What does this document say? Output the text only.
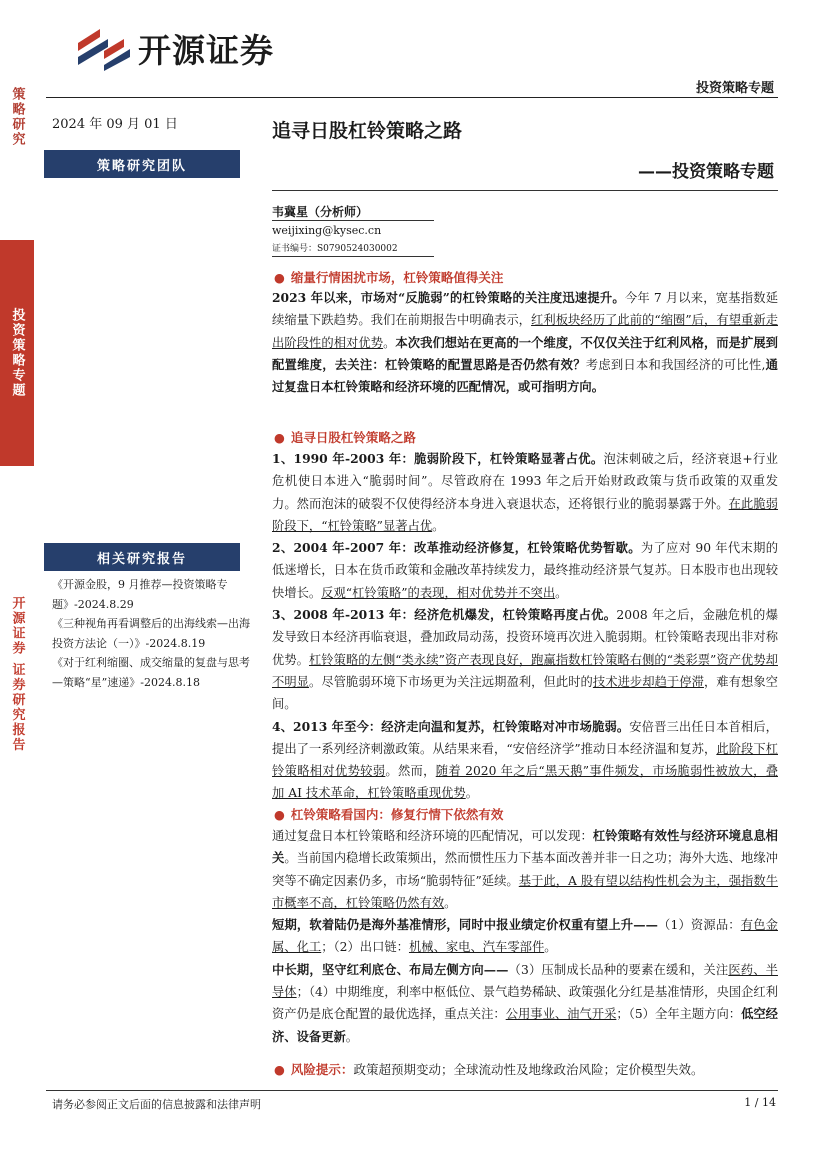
开源证券
投资策略专题
策略研究
投资策略专题
开源证券 证券研究报告
2024 年 09 月 01 日	追寻日股杠铃策略之路
——投资策略专题
策略研究团队
韦冀星（分析师）
weijixing@kysec.cn
证书编号：S0790524030002
相关研究报告

《开源金股，9 月推荐—投资策略专题》-2024.8.29

《三种视角再看调整后的出海线索—出海投资方法论（一）》-2024.8.19

《对于红利缩圈、成交缩量的复盘与思考—策略“星”速递》-2024.8.18

● 缩量行情困扰市场，杠铃策略值得关注
2023 年以来，市场对“反脆弱”的杠铃策略的关注度迅速提升。今年 7 月以来，宽基指数延续缩量下跌趋势。我们在前期报告中明确表示，红利板块经历了此前的“缩圈”后，有望重新走出阶段性的相对优势。本次我们想站在更高的一个维度，不仅仅关注于红利风格，而是扩展到配置维度，去关注：杠铃策略的配置思路是否仍然有效？考虑到日本和我国经济的可比性,通过复盘日本杠铃策略和经济环境的匹配情况，或可指明方向。
● 追寻日股杠铃策略之路

1、1990 年-2003 年：脆弱阶段下，杠铃策略显著占优。泡沫刺破之后，经济衰退+行业危机使日本进入“脆弱时间”。尽管政府在 1993 年之后开始财政政策与货币政策的双重发力。然而泡沫的破裂不仅使得经济本身进入衰退状态，还将银行业的脆弱暴露于外。在此脆弱阶段下，“杠铃策略”显著占优。

2、2004 年-2007 年：改革推动经济修复，杠铃策略优势暂歇。为了应对 90 年代末期的低迷增长，日本在货币政策和金融改革持续发力，最终推动经济景气复苏。日本股市也出现较快增长。反观“杠铃策略”的表现，相对优势并不突出。

3、2008 年-2013 年：经济危机爆发，杠铃策略再度占优。2008 年之后，金融危机的爆发导致日本经济再临衰退，叠加政局动荡，投资环境再次进入脆弱期。杠铃策略表现出非对称优势。杠铃策略的左侧“类永续”资产表现良好，跑赢指数杠铃策略右侧的“类彩票”资产优势却不明显。尽管脆弱环境下市场更为关注远期盈利，但此时的技术进步却趋于停滞，难有想象空间。

4、2013 年至今：经济走向温和复苏，杠铃策略对冲市场脆弱。安倍晋三出任日本首相后，提出了一系列经济刺激政策。从结果来看，“安倍经济学”推动日本经济温和复苏，此阶段下杠铃策略相对优势较弱。然而，随着 2020 年之后“黑天鹅”事件频发，市场脆弱性被放大，叠加 AI 技术革命，杠铃策略重现优势。

● 杠铃策略看国内：修复行情下依然有效

通过复盘日本杠铃策略和经济环境的匹配情况，可以发现：杠铃策略有效性与经济环境息息相关。当前国内稳增长政策频出，然而惯性压力下基本面改善并非一日之功；海外大选、地缘冲突等不确定因素仍多，市场“脆弱特征”延续。基于此，A 股有望以结构性机会为主，强指数牛市概率不高，杠铃策略仍然有效。

短期，软着陆仍是海外基准情形，同时中报业绩定价权重有望上升——（1）资源品：有色金属、化工；（2）出口链：机械、家电、汽车零部件。

中长期，坚守红利底仓、布局左侧方向——（3）压制成长品种的要素在缓和，关注医药、半导体；（4）中期维度，利率中枢低位、景气趋势稀缺、政策强化分红是基准情形，央国企红利资产仍是底仓配置的最优选择，重点关注：公用事业、油气开采；（5）全年主题方向：低空经济、设备更新。

● 风险提示：政策超预期变动；全球流动性及地缘政治风险；定价模型失效。
请务必参阅正文后面的信息披露和法律声明	1 / 14
